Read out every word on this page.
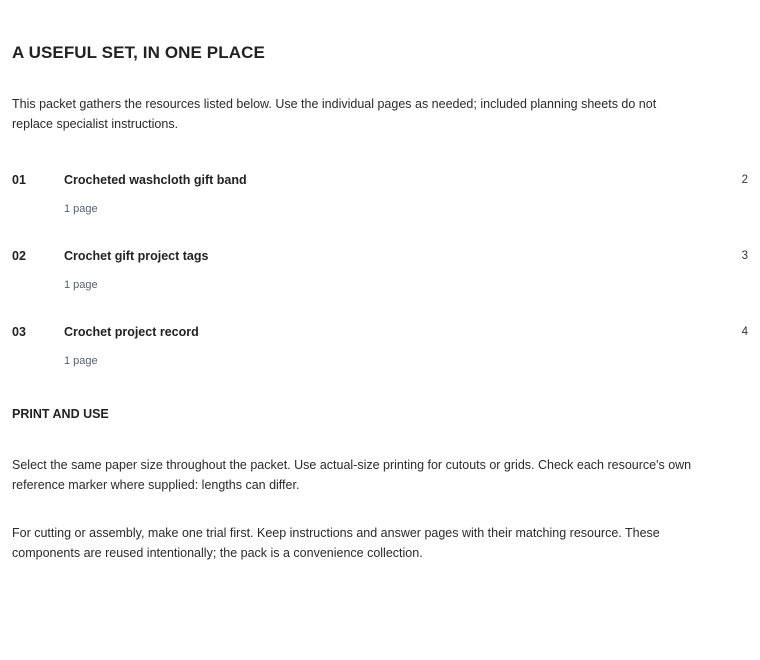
A USEFUL SET, IN ONE PLACE

This packet gathers the resources listed below. Use the individual pages as needed; included planning sheets do not replace specialist instructions.

01	Crocheted washcloth gift band
1 page
2
02	Crochet gift project tags
1 page
3
03	Crochet project record
1 page
4
PRINT AND USE

Select the same paper size throughout the packet. Use actual-size printing for cutouts or grids. Check each resource's own reference marker where supplied: lengths can differ.

For cutting or assembly, make one trial first. Keep instructions and answer pages with their matching resource. These components are reused intentionally; the pack is a convenience collection.
